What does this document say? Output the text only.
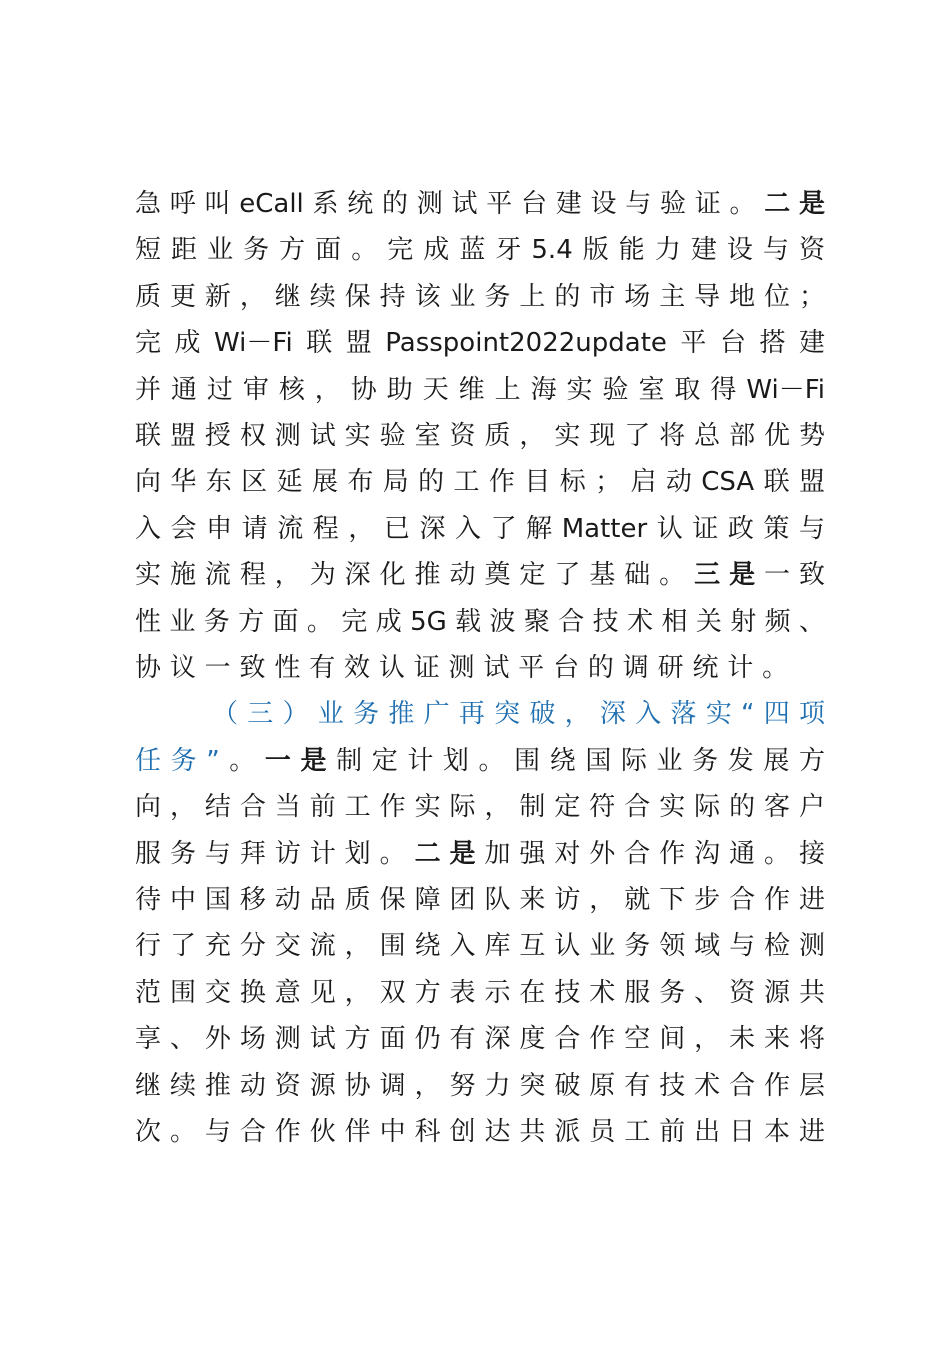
急呼叫eCall系统的测试平台建设与验证。二是
短距业务方面。完成蓝牙5.4版能力建设与资
质更新，继续保持该业务上的市场主导地位；
完成Wi－Fi联盟Passpoint2022update平台搭建
并通过审核，协助天维上海实验室取得Wi－Fi
联盟授权测试实验室资质，实现了将总部优势
向华东区延展布局的工作目标；启动CSA联盟
入会申请流程，已深入了解Matter认证政策与
实施流程，为深化推动奠定了基础。三是一致
性业务方面。完成5G载波聚合技术相关射频、
协议一致性有效认证测试平台的调研统计。
（三）业务推广再突破，深入落实“四项
任务”。一是制定计划。围绕国际业务发展方
向，结合当前工作实际，制定符合实际的客户
服务与拜访计划。二是加强对外合作沟通。接
待中国移动品质保障团队来访，就下步合作进
行了充分交流，围绕入库互认业务领域与检测
范围交换意见，双方表示在技术服务、资源共
享、外场测试方面仍有深度合作空间，未来将
继续推动资源协调，努力突破原有技术合作层
次。与合作伙伴中科创达共派员工前出日本进
